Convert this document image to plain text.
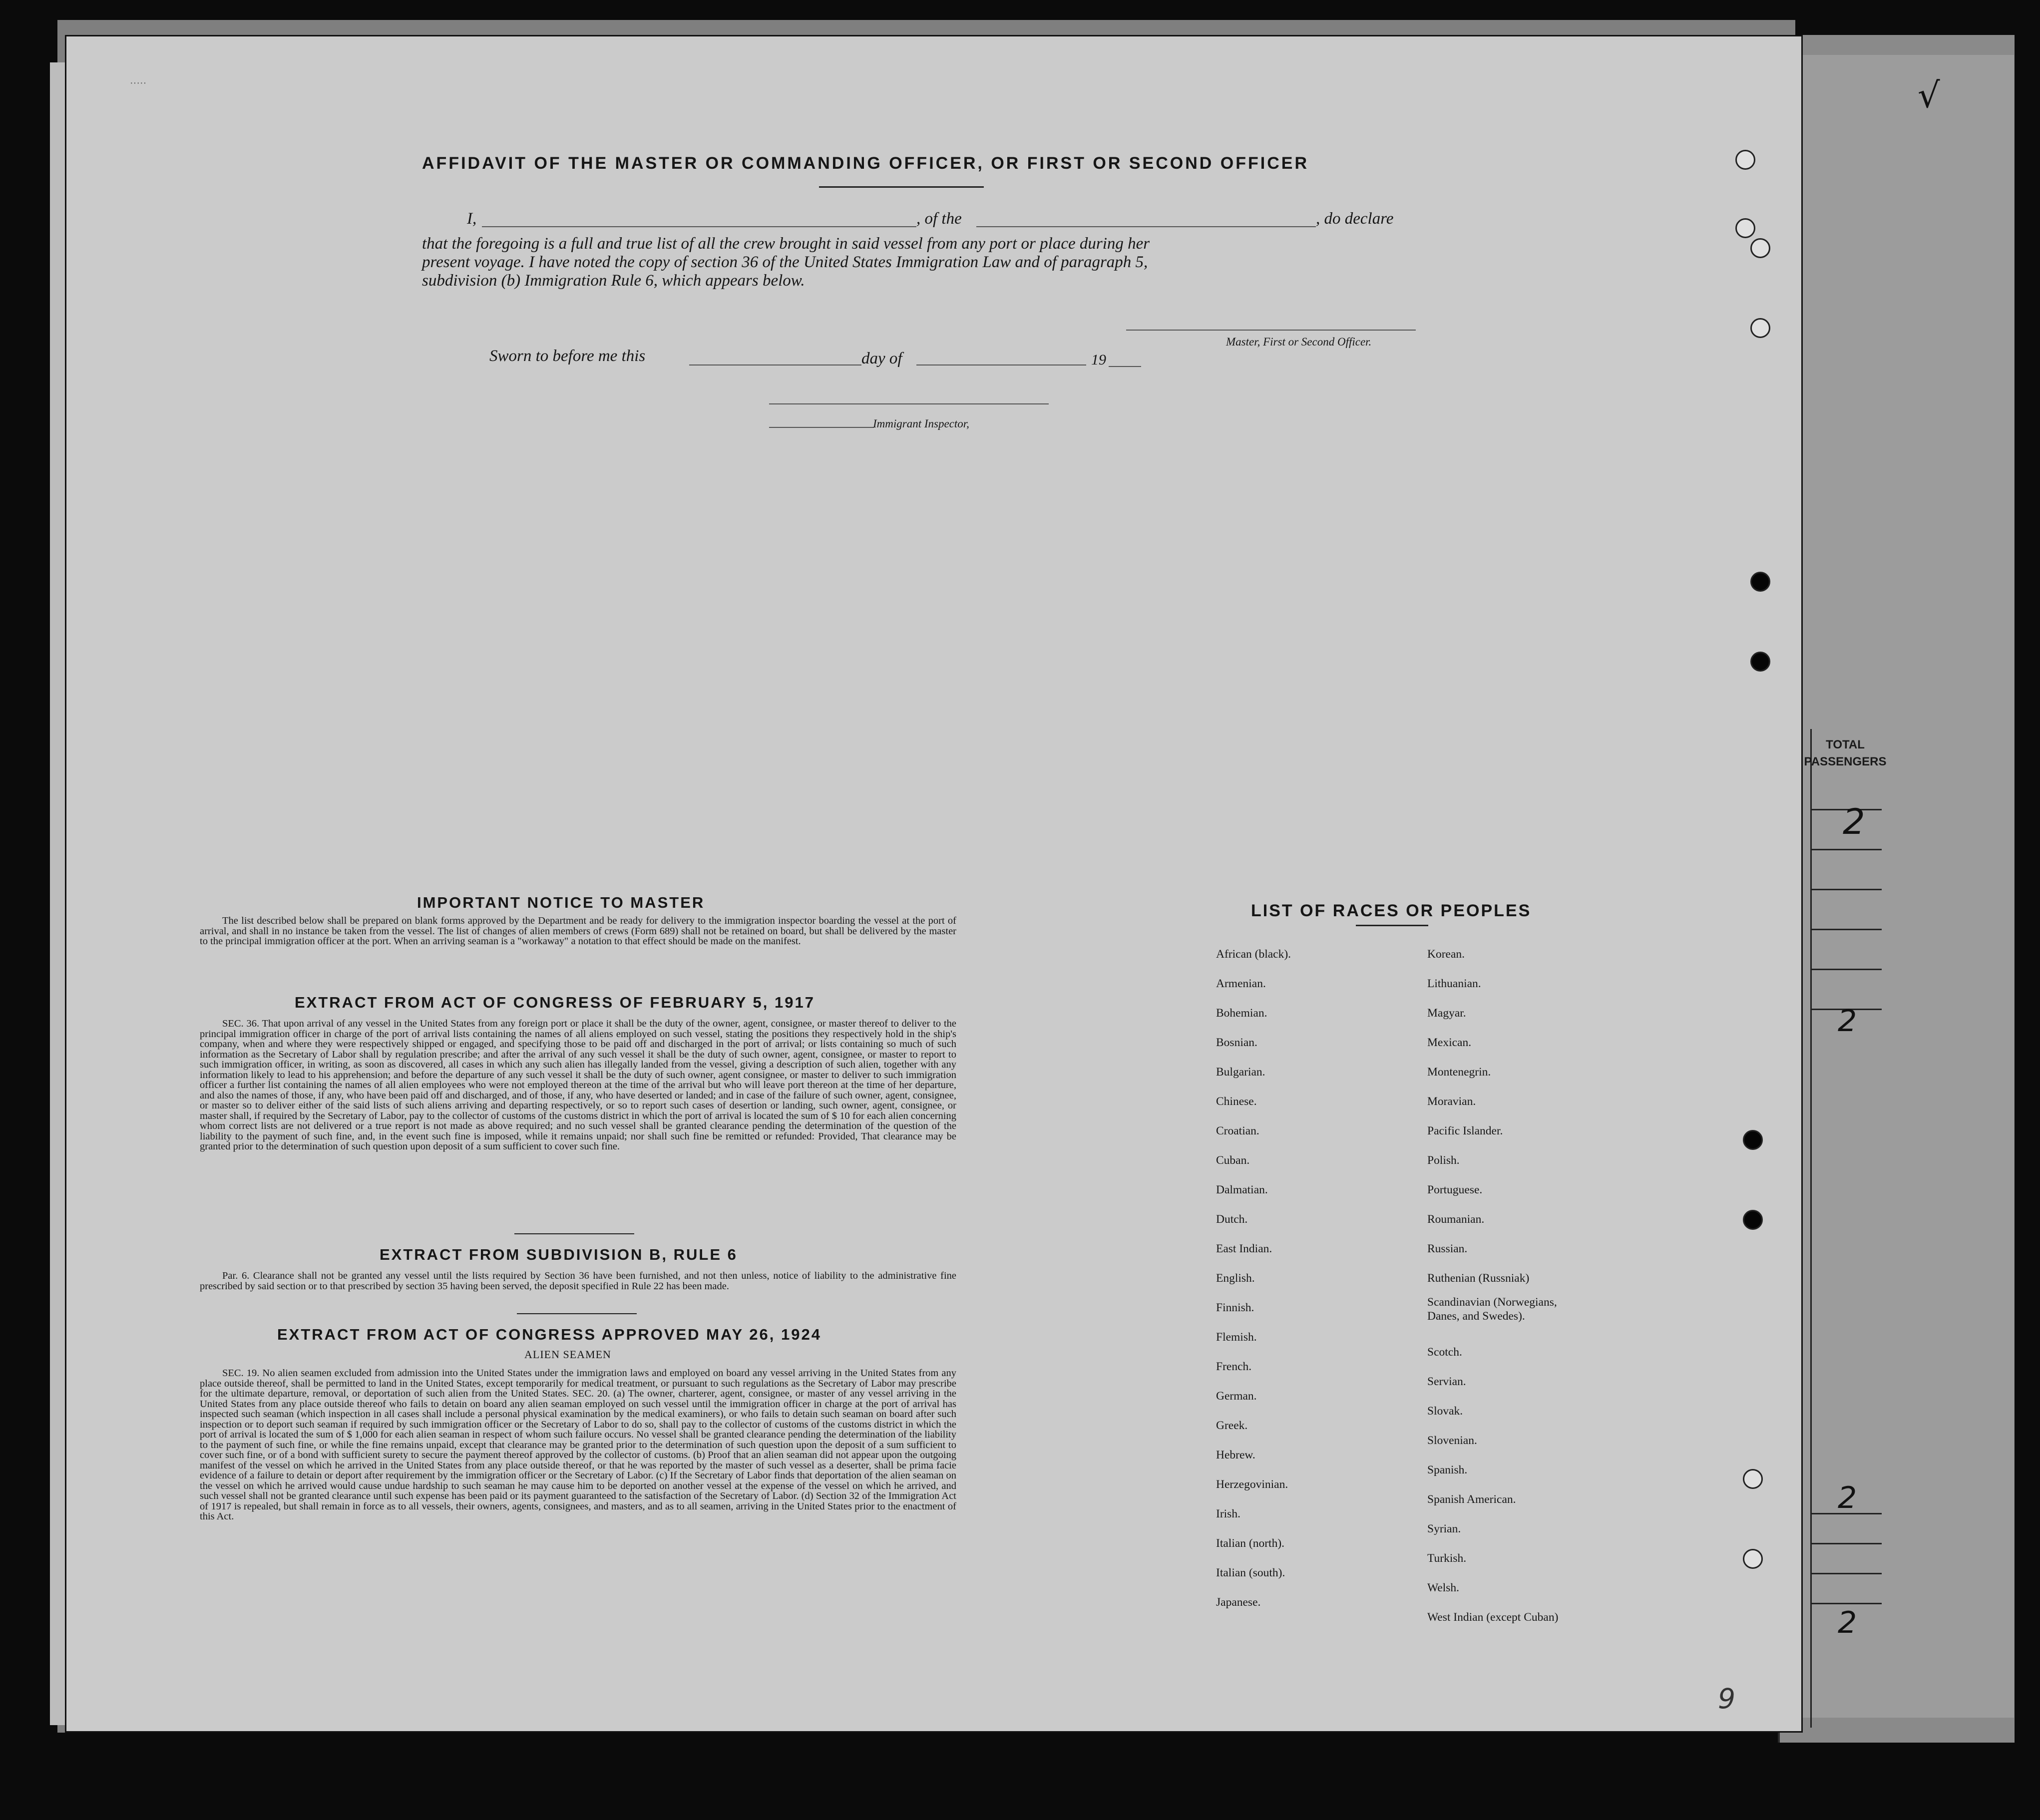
TOTAL
PASSENGERS
2
2
2
2
√
·····
AFFIDAVIT OF THE MASTER OR COMMANDING OFFICER, OR FIRST OR SECOND OFFICER
I,	, of the	, do declare
that the foregoing is a full and true list of all the crew brought in said vessel from any port or place during her
present voyage. I have noted the copy of section 36 of the United States Immigration Law and of paragraph 5,
subdivision (b) Immigration Rule 6, which appears below.
Master, First or Second Officer.
Sworn to before me this	day of	19
Immigrant Inspector,
IMPORTANT NOTICE TO MASTER

The list described below shall be prepared on blank forms approved by the Department and be ready for delivery to the immigration inspector boarding the vessel at the port of arrival, and shall in no instance be taken from the vessel. The list of changes of alien members of crews (Form 689) shall not be retained on board, but shall be delivered by the master to the principal immigration officer at the port. When an arriving seaman is a "workaway" a notation to that effect should be made on the manifest.

EXTRACT FROM ACT OF CONGRESS OF FEBRUARY 5, 1917

SEC. 36. That upon arrival of any vessel in the United States from any foreign port or place it shall be the duty of the owner, agent, consignee, or master thereof to deliver to the principal immigration officer in charge of the port of arrival lists containing the names of all aliens employed on such vessel, stating the positions they respectively hold in the ship's company, when and where they were respectively shipped or engaged, and specifying those to be paid off and discharged in the port of arrival; or lists containing so much of such information as the Secretary of Labor shall by regulation prescribe; and after the arrival of any such vessel it shall be the duty of such owner, agent, consignee, or master to report to such immigration officer, in writing, as soon as discovered, all cases in which any such alien has illegally landed from the vessel, giving a description of such alien, together with any information likely to lead to his apprehension; and before the departure of any such vessel it shall be the duty of such owner, agent consignee, or master to deliver to such immigration officer a further list containing the names of all alien employees who were not employed thereon at the time of the arrival but who will leave port thereon at the time of her departure, and also the names of those, if any, who have been paid off and discharged, and of those, if any, who have deserted or landed; and in case of the failure of such owner, agent, consignee, or master so to deliver either of the said lists of such aliens arriving and departing respectively, or so to report such cases of desertion or landing, such owner, agent, consignee, or master shall, if required by the Secretary of Labor, pay to the collector of customs of the customs district in which the port of arrival is located the sum of $ 10 for each alien concerning whom correct lists are not delivered or a true report is not made as above required; and no such vessel shall be granted clearance pending the determination of the question of the liability to the payment of such fine, and, in the event such fine is imposed, while it remains unpaid; nor shall such fine be remitted or refunded: Provided, That clearance may be granted prior to the determination of such question upon deposit of a sum sufficient to cover such fine.

EXTRACT FROM SUBDIVISION B, RULE 6

Par. 6. Clearance shall not be granted any vessel until the lists required by Section 36 have been furnished, and not then unless, notice of liability to the administrative fine prescribed by said section or to that prescribed by section 35 having been served, the deposit specified in Rule 22 has been made.

EXTRACT FROM ACT OF CONGRESS APPROVED MAY 26, 1924
ALIEN SEAMEN

SEC. 19. No alien seamen excluded from admission into the United States under the immigration laws and employed on board any vessel arriving in the United States from any place outside thereof, shall be permitted to land in the United States, except temporarily for medical treatment, or pursuant to such regulations as the Secretary of Labor may prescribe for the ultimate departure, removal, or deportation of such alien from the United States. SEC. 20. (a) The owner, charterer, agent, consignee, or master of any vessel arriving in the United States from any place outside thereof who fails to detain on board any alien seaman employed on such vessel until the immigration officer in charge at the port of arrival has inspected such seaman (which inspection in all cases shall include a personal physical examination by the medical examiners), or who fails to detain such seaman on board after such inspection or to deport such seaman if required by such immigration officer or the Secretary of Labor to do so, shall pay to the collector of customs of the customs district in which the port of arrival is located the sum of $ 1,000 for each alien seaman in respect of whom such failure occurs. No vessel shall be granted clearance pending the determination of the liability to the payment of such fine, or while the fine remains unpaid, except that clearance may be granted prior to the determination of such question upon the deposit of a sum sufficient to cover such fine, or of a bond with sufficient surety to secure the payment thereof approved by the collector of customs. (b) Proof that an alien seaman did not appear upon the outgoing manifest of the vessel on which he arrived in the United States from any place outside thereof, or that he was reported by the master of such vessel as a deserter, shall be prima facie evidence of a failure to detain or deport after requirement by the immigration officer or the Secretary of Labor. (c) If the Secretary of Labor finds that deportation of the alien seaman on the vessel on which he arrived would cause undue hardship to such seaman he may cause him to be deported on another vessel at the expense of the vessel on which he arrived, and such vessel shall not be granted clearance until such expense has been paid or its payment guaranteed to the satisfaction of the Secretary of Labor. (d) Section 32 of the Immigration Act of 1917 is repealed, but shall remain in force as to all vessels, their owners, agents, consignees, and masters, and as to all seamen, arriving in the United States prior to the enactment of this Act.

LIST OF RACES OR PEOPLES
African (black).
Armenian.
Bohemian.
Bosnian.
Bulgarian.
Chinese.
Croatian.
Cuban.
Dalmatian.
Dutch.
East Indian.
English.
Finnish.
Flemish.
French.
German.
Greek.
Hebrew.
Herzegovinian.
Irish.
Italian (north).
Italian (south).
Japanese.
Korean.
Lithuanian.
Magyar.
Mexican.
Montenegrin.
Moravian.
Pacific Islander.
Polish.
Portuguese.
Roumanian.
Russian.
Ruthenian (Russniak)
Scandinavian (Norwegians, Danes, and Swedes).
Scotch.
Servian.
Slovak.
Slovenian.
Spanish.
Spanish American.
Syrian.
Turkish.
Welsh.
West Indian (except Cuban)
9
